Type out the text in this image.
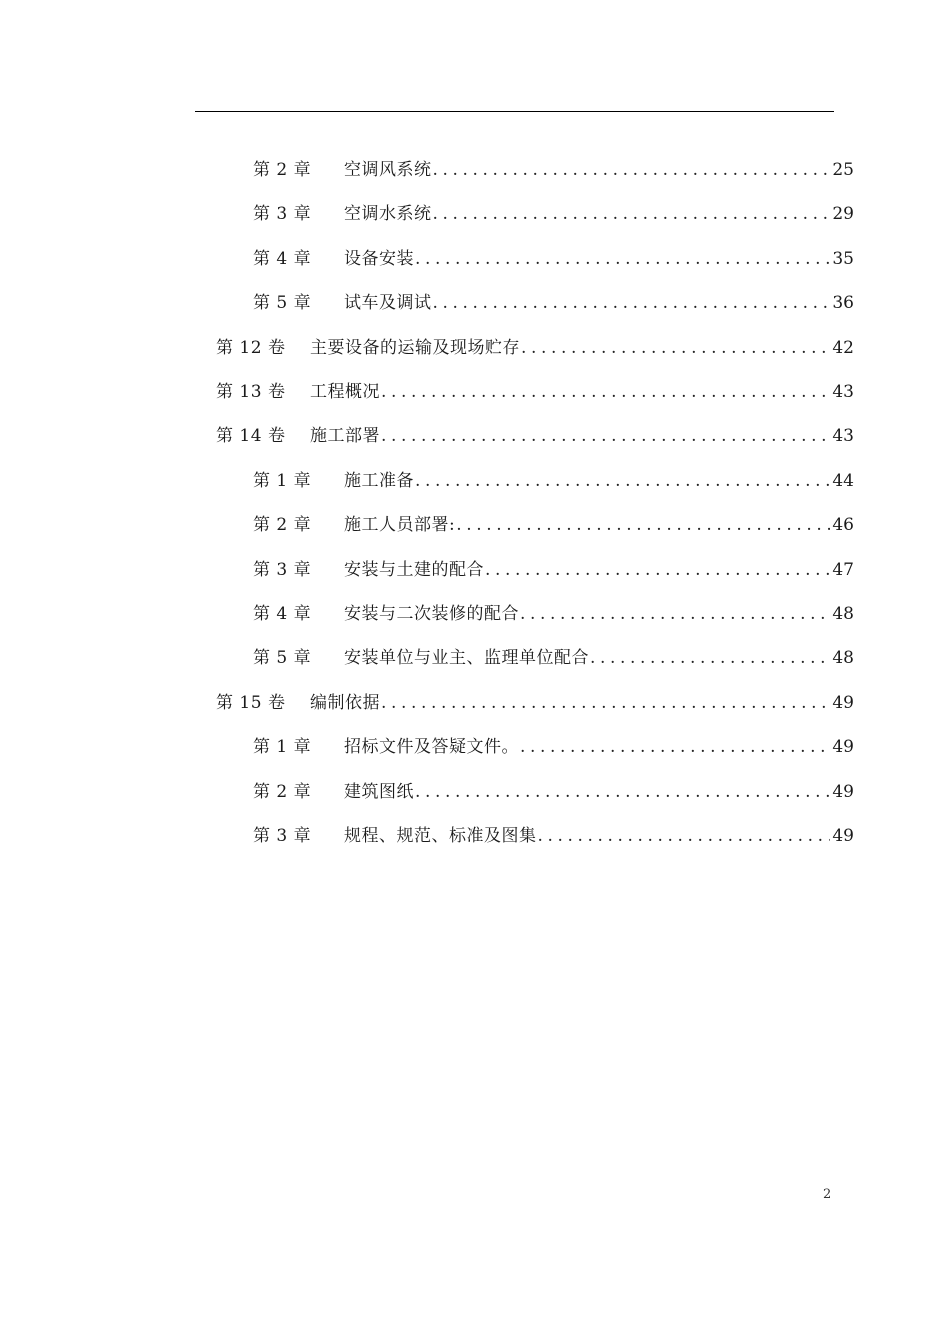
第 2 章	空调风系统 .....	25
第 3 章	空调水系统 .....	29
第 4 章	设备安装 .....	35
第 5 章	试车及调试 .....	36
第 12 卷	主要设备的运输及现场贮存 .....	42
第 13 卷	工程概况 .....	43
第 14 卷	施工部署 .....	43
第 1 章	施工准备 .....	44
第 2 章	施工人员部署: .....	46
第 3 章	安装与土建的配合 .....	47
第 4 章	安装与二次装修的配合 .....	48
第 5 章	安装单位与业主、监理单位配合 .....	48
第 15 卷	编制依据 .....	49
第 1 章	招标文件及答疑文件。 .....	49
第 2 章	建筑图纸 .....	49
第 3 章	规程、规范、标准及图集 .....	49
2
